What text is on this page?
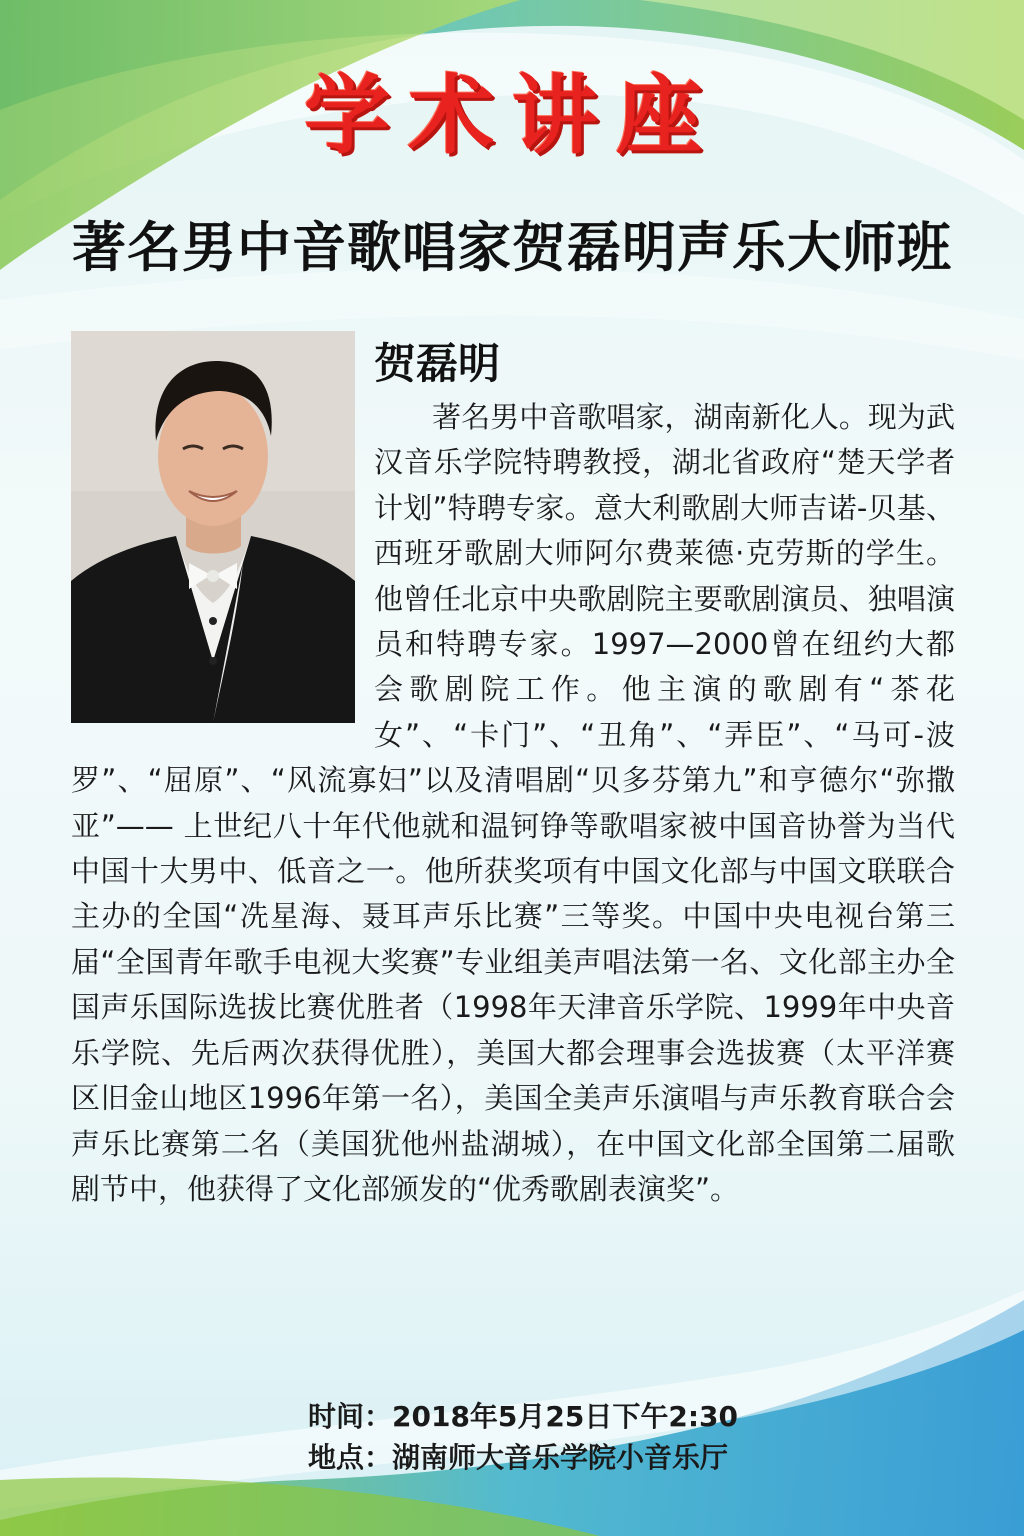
学术讲座
著名男中音歌唱家贺磊明声乐大师班
贺磊明

著名男中音歌唱家，湖南新化人。现为武汉音乐学院特聘教授，湖北省政府“楚天学者计划”特聘专家。意大利歌剧大师吉诺-贝基、西班牙歌剧大师阿尔费莱德·克劳斯的学生。他曾任北京中央歌剧院主要歌剧演员、独唱演员和特聘专家。1997—2000曾在纽约大都会歌剧院工作。他主演的歌剧有“茶花女”、“卡门”、“丑角”、“弄臣”、“马可-波罗”、“屈原”、“风流寡妇”以及清唱剧“贝多芬第九”和亨德尔“弥撒亚”—— 上世纪八十年代他就和温钶铮等歌唱家被中国音协誉为当代中国十大男中、低音之一。他所获奖项有中国文化部与中国文联联合主办的全国“冼星海、聂耳声乐比赛”三等奖。中国中央电视台第三届“全国青年歌手电视大奖赛”专业组美声唱法第一名、文化部主办全国声乐国际选拔比赛优胜者（1998年天津音乐学院、1999年中央音乐学院、先后两次获得优胜），美国大都会理事会选拔赛（太平洋赛区旧金山地区1996年第一名），美国全美声乐演唱与声乐教育联合会声乐比赛第二名（美国犹他州盐湖城），在中国文化部全国第二届歌剧节中，他获得了文化部颁发的“优秀歌剧表演奖”。

时间：2018年5月25日下午2:30
地点：湖南师大音乐学院小音乐厅
